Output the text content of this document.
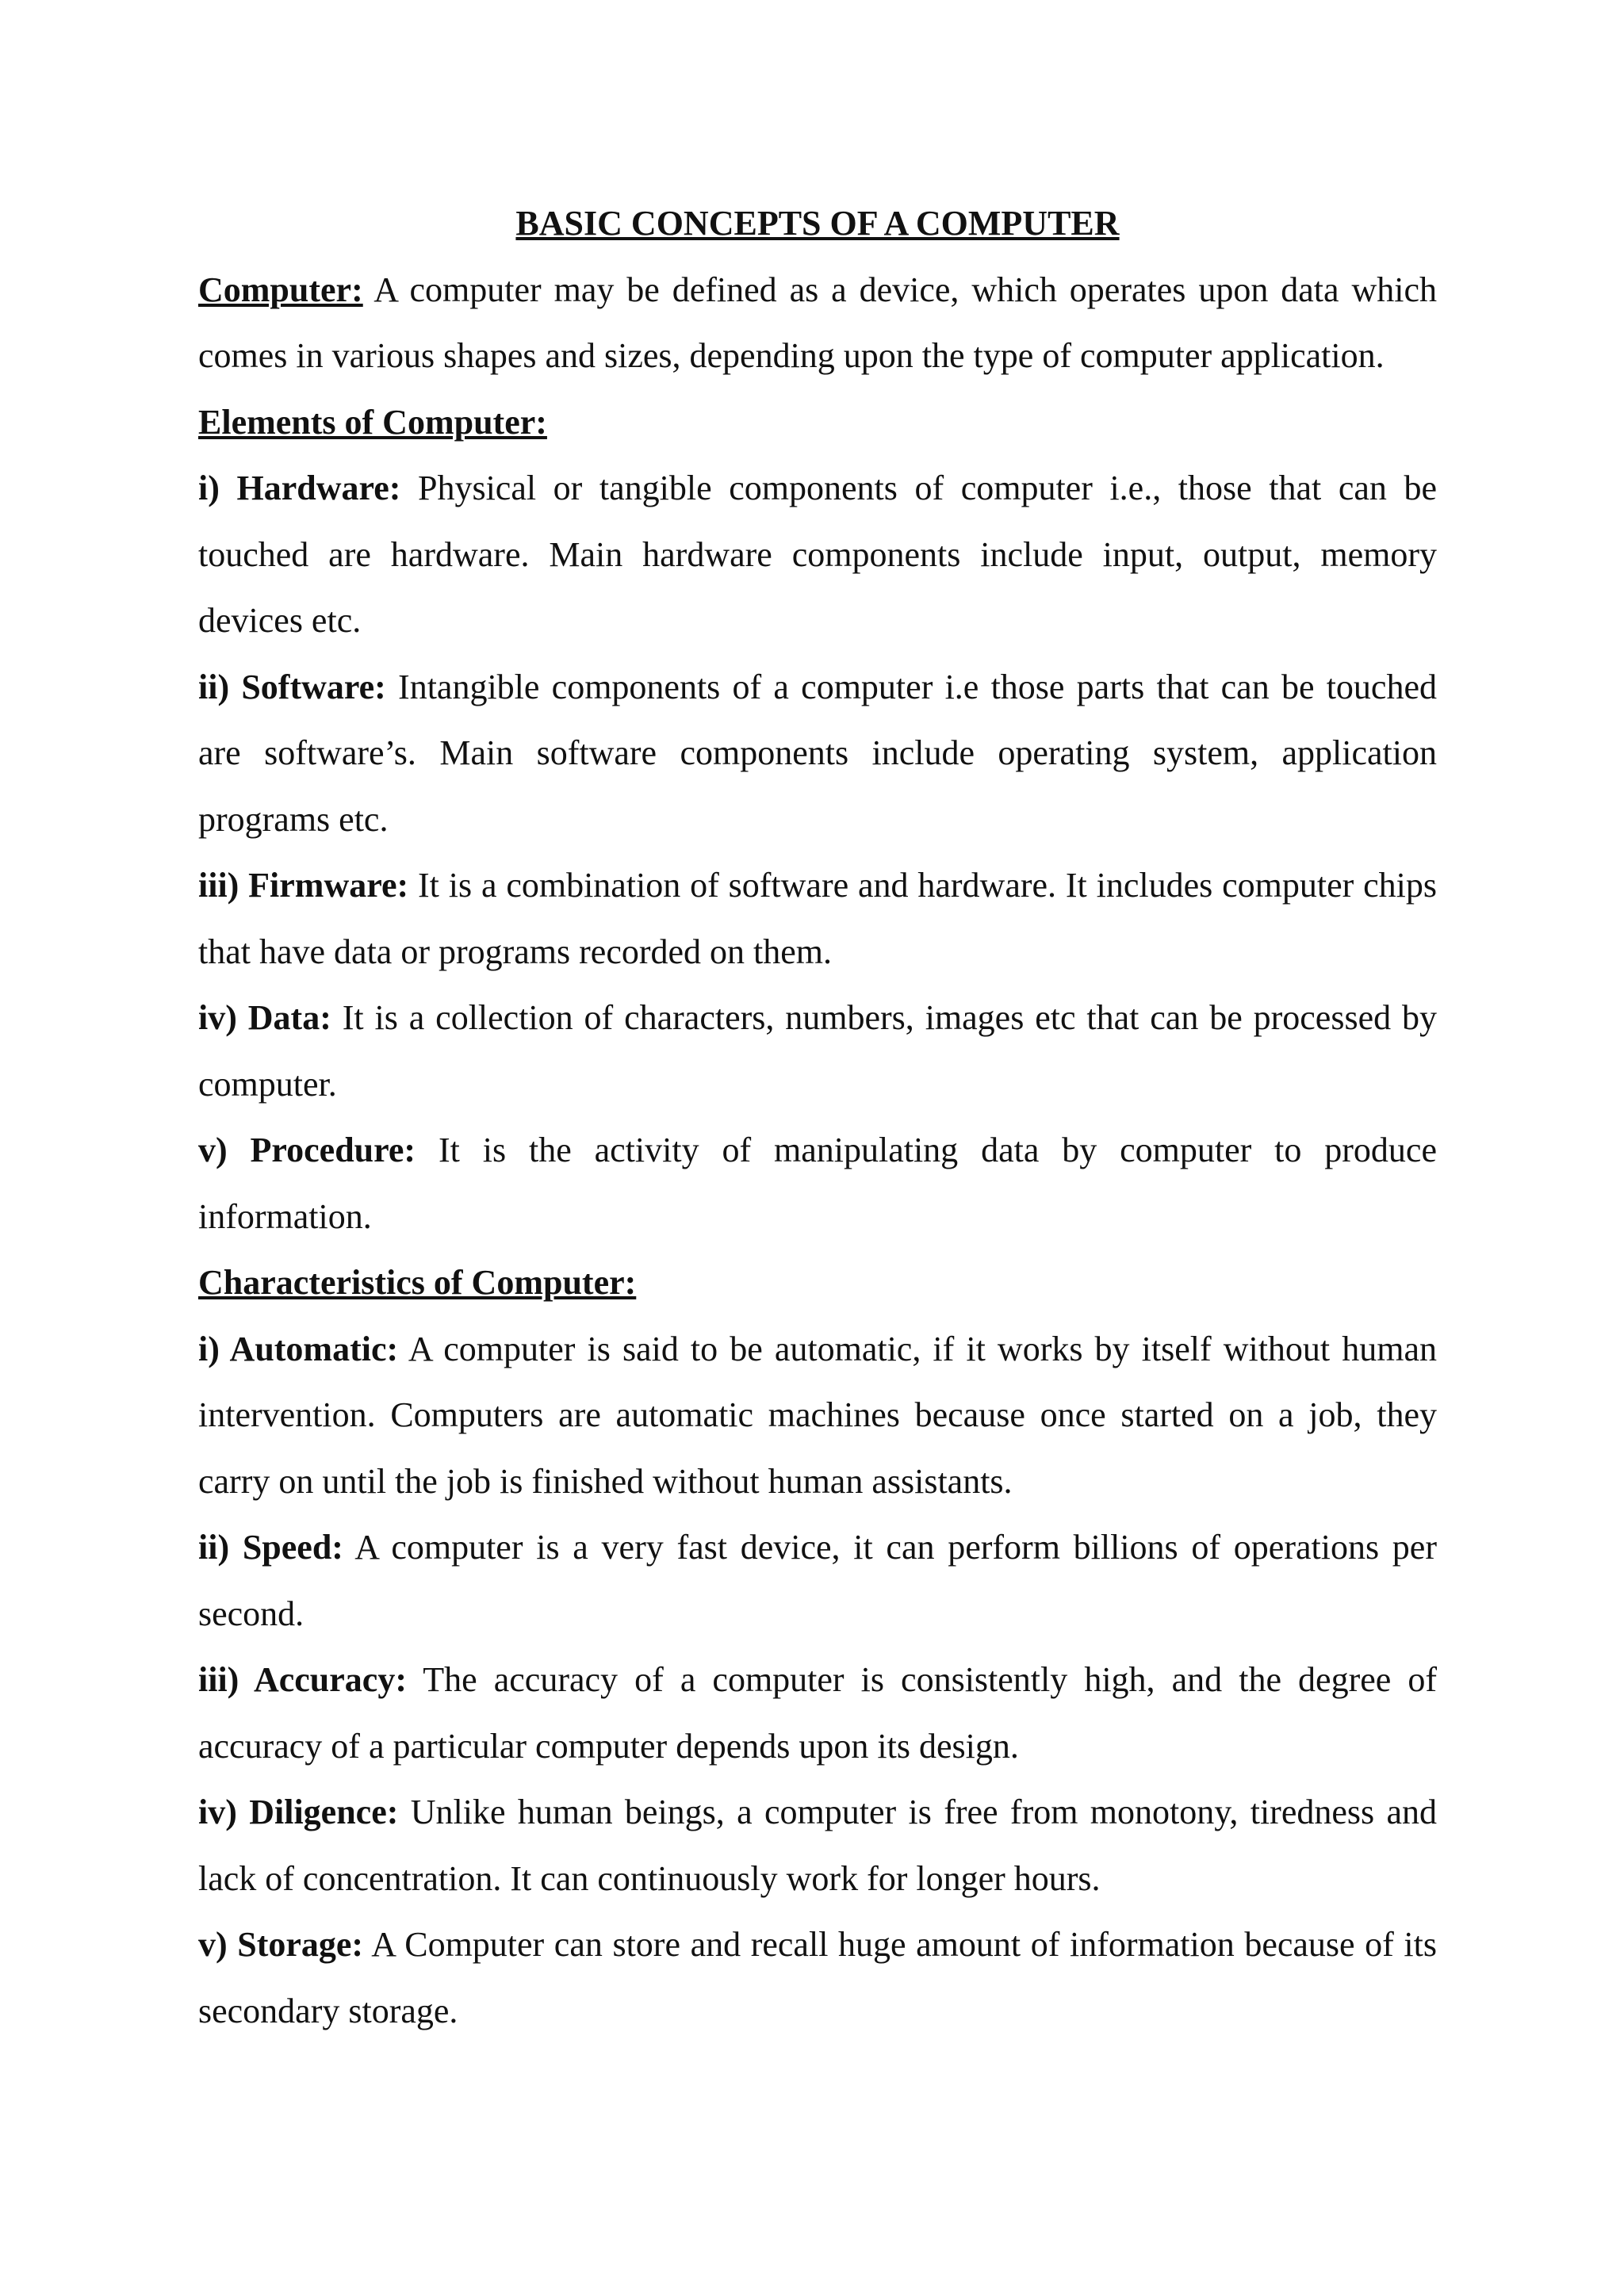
BASIC CONCEPTS OF A COMPUTER

Computer: A computer may be defined as a device, which operates upon data which comes in various shapes and sizes, depending upon the type of computer application.

Elements of Computer:

i) Hardware: Physical or tangible components of computer i.e., those that can be touched are hardware. Main hardware components include input, output, memory devices etc.

ii) Software: Intangible components of a computer i.e those parts that can be touched are software’s. Main software components include operating system, application programs etc.

iii) Firmware: It is a combination of software and hardware. It includes computer chips that have data or programs recorded on them.

iv) Data: It is a collection of characters, numbers, images etc that can be processed by computer.

v) Procedure: It is the activity of manipulating data by computer to produce information.

Characteristics of Computer:

i) Automatic: A computer is said to be automatic, if it works by itself without human intervention. Computers are automatic machines because once started on a job, they carry on until the job is finished without human assistants.

ii) Speed: A computer is a very fast device, it can perform billions of operations per second.

iii) Accuracy: The accuracy of a computer is consistently high, and the degree of accuracy of a particular computer depends upon its design.

iv) Diligence: Unlike human beings, a computer is free from monotony, tiredness and lack of concentration. It can continuously work for longer hours.

v) Storage: A Computer can store and recall huge amount of information because of its secondary storage.
